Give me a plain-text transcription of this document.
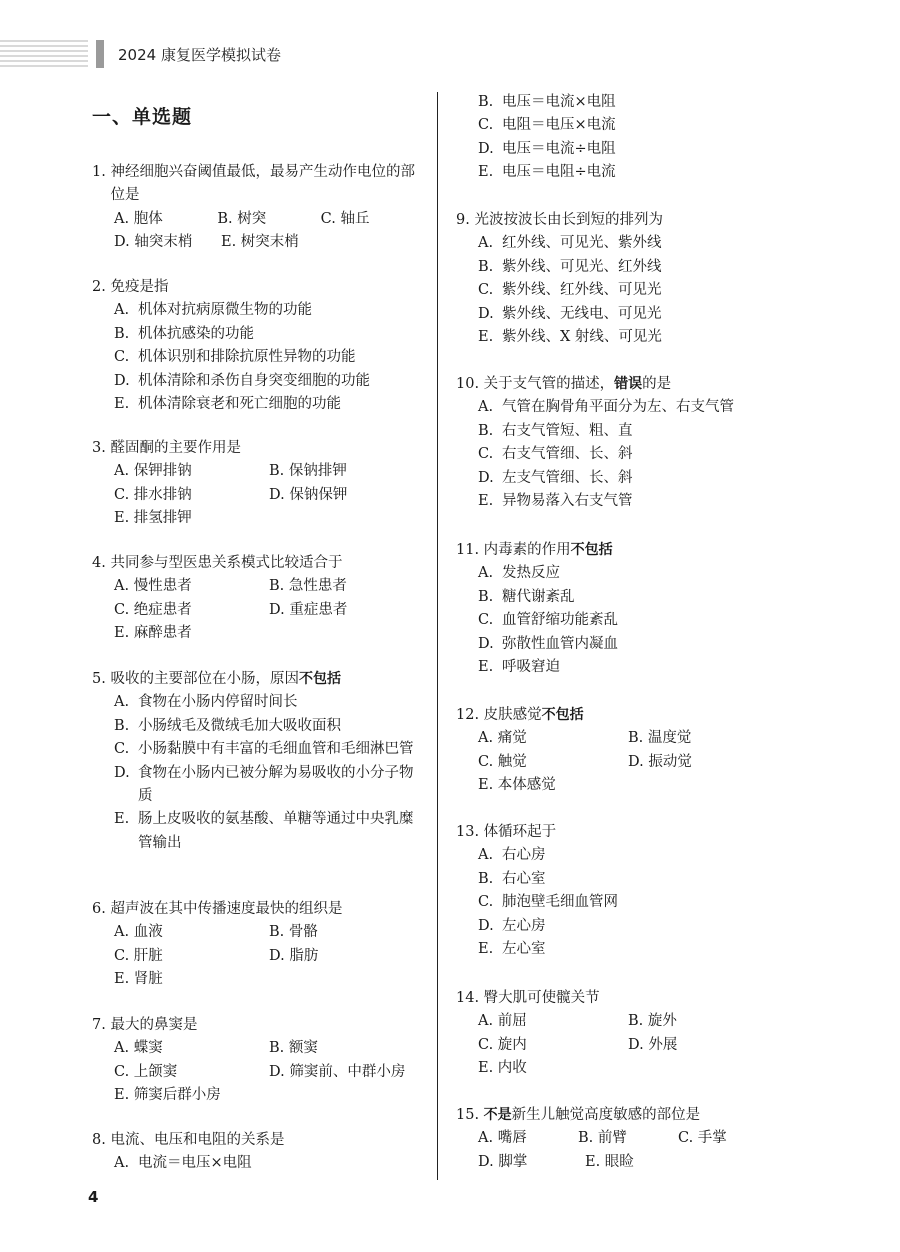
2024 康复医学模拟试卷
一、单选题
1.
神经细胞兴奋阈值最低，最易产生动作电位的部位是
A. 胞体	B. 树突	C. 轴丘
D. 轴突末梢	E. 树突末梢
2.
免疫是指
A. 机体对抗病原微生物的功能
B. 机体抗感染的功能
C. 机体识别和排除抗原性异物的功能
D. 机体清除和杀伤自身突变细胞的功能
E. 机体清除衰老和死亡细胞的功能
3.
醛固酮的主要作用是
A. 保钾排钠	B. 保钠排钾
C. 排水排钠	D. 保钠保钾
E. 排氢排钾
4.
共同参与型医患关系模式比较适合于
A. 慢性患者	B. 急性患者
C. 绝症患者	D. 重症患者
E. 麻醉患者
5.
吸收的主要部位在小肠，原因不包括
A. 食物在小肠内停留时间长
B. 小肠绒毛及微绒毛加大吸收面积
C. 小肠黏膜中有丰富的毛细血管和毛细淋巴管
D. 食物在小肠内已被分解为易吸收的小分子物质
E. 肠上皮吸收的氨基酸、单糖等通过中央乳糜管输出
6.
超声波在其中传播速度最快的组织是
A. 血液	B. 骨骼
C. 肝脏	D. 脂肪
E. 肾脏
7.
最大的鼻窦是
A. 蝶窦	B. 额窦
C. 上颌窦	D. 筛窦前、中群小房
E. 筛窦后群小房
8.
电流、电压和电阻的关系是
A. 电流＝电压×电阻
B. 电压＝电流×电阻
C. 电阻＝电压×电流
D. 电压＝电流÷电阻
E. 电压＝电阻÷电流
9.
光波按波长由长到短的排列为
A. 红外线、可见光、紫外线
B. 紫外线、可见光、红外线
C. 紫外线、红外线、可见光
D. 紫外线、无线电、可见光
E. 紫外线、X 射线、可见光
10.
关于支气管的描述，错误的是
A. 气管在胸骨角平面分为左、右支气管
B. 右支气管短、粗、直
C. 右支气管细、长、斜
D. 左支气管细、长、斜
E. 异物易落入右支气管
11.
内毒素的作用不包括
A. 发热反应
B. 糖代谢紊乱
C. 血管舒缩功能紊乱
D. 弥散性血管内凝血
E. 呼吸窘迫
12.
皮肤感觉不包括
A. 痛觉	B. 温度觉
C. 触觉	D. 振动觉
E. 本体感觉
13.
体循环起于
A. 右心房
B. 右心室
C. 肺泡壁毛细血管网
D. 左心房
E. 左心室
14.
臀大肌可使髋关节
A. 前屈	B. 旋外
C. 旋内	D. 外展
E. 内收
15.
不是新生儿触觉高度敏感的部位是
A. 嘴唇	B. 前臂	C. 手掌
D. 脚掌	E. 眼睑
4
